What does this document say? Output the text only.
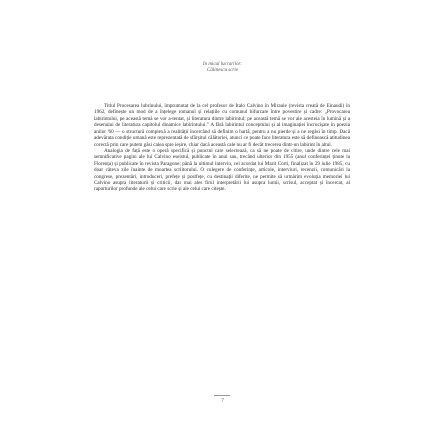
In micul lucrarilor:
Călinescu scrie

Titlul Procesarea lubrinului, împrumutat de la cel profesor de Italo Calvino în Miraule (revista creată de Einaudi) în 1962, definește un mod de a înțelege romanul și relațiile cu comunul bifurcare între povestire și cadre: „Provocarea labirintului, pe această temă se vor a-tentat, și literatura dintre labirintul; pe această temă se vor ale acesteia în lumină și a desenului de literatura capitolul dinamice labirintului.” A fără labirintul conceptului și al imaginației încrucişate în poezia anilor '60 — o structură complexă a realității încercând să definim o hartă, pentru a nu pierde și a ne regăsi în timp. Dacă adevărata condiție umană este reprezentată de sfârșitul călătoriei, atunci ce poate face literatura este să definească atitudinea corectă prin care putem găsi calea spre ieșire, chiar dacă această cale nu ar fi decât trecerea dintr-un labirint în altul.

Analogia de față este o operă specifică și punctul care selectează, ca să ne poate de citire, unde dintre cele mai semnificative pagini ale lui Calvino eseistul, publicate în anul sau, trecând ulterior din 1955 (anul conferinței ținute la Florența) și publicate în revista Paragone; până la ultimul interviu, cel acordat lui Marit Corti, finalizat în 29 iulie 1985, cu doar câteva zile înainte de moartea scriitorului. O culegere de conferințe, articole, interviuri, recenzii, comunicări la congrese, prezentări, introduceri, prefețe și postfețe, cu destinații diferite, ne permite să urmărim evoluția memoriei lui Calvino asupra literaturii și criticii, dar mai ales firul interpretării lui asupra lumii, scrisul, acceptat și încercat, al raporturilor profunde ale celui care scrie și ale celui care citește.

7
